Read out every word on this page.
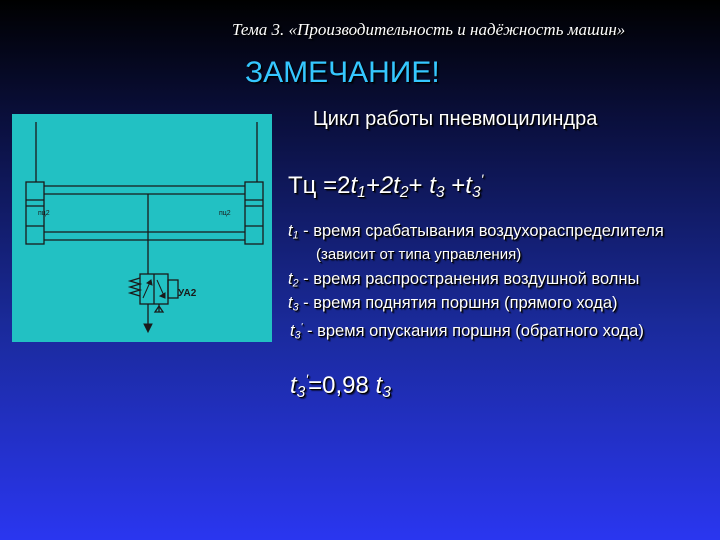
Тема 3. «Производительность и надёжность машин»
ЗАМЕЧАНИЕ!
Цикл работы пневмоцилиндра
пц2	пц2
УА2
Тц $=2t_1+2t_2+ t_3 +t_3'$
$t_1$ - время срабатывания воздухораспределителя
(зависит от типа управления)
$t_2$ - время распространения воздушной волны
$t_3$ - время поднятия поршня (прямого хода)
$t_3'$ - время опускания поршня (обратного хода)
$t_3'=0,98$ $t_3$
